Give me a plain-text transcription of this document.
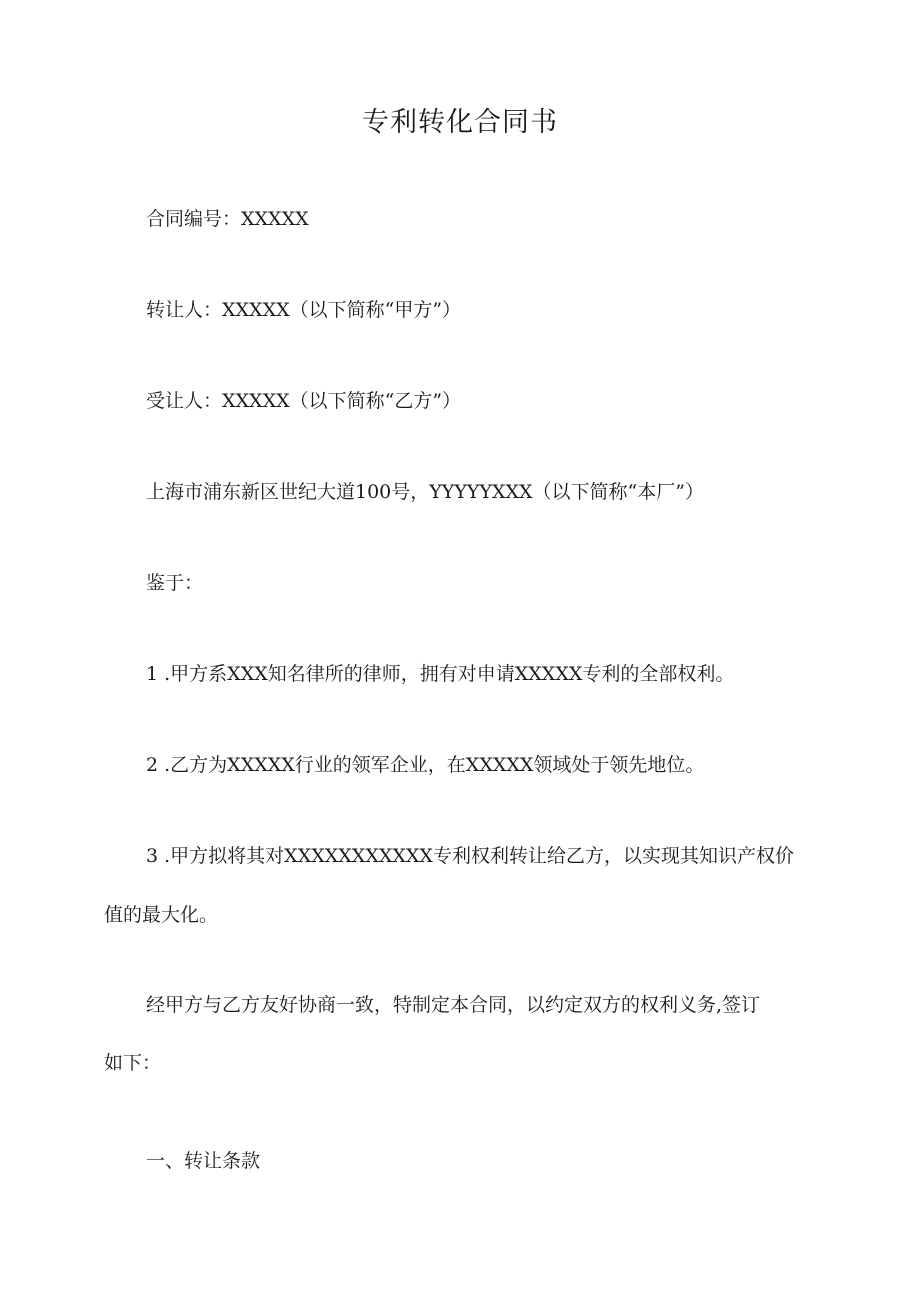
专利转化合同书
合同编号：XXXXX
转让人：XXXXX（以下简称“甲方”）
受让人：XXXXX（以下简称“乙方”）
上海市浦东新区世纪大道100号，YYYYYXXX（以下简称“本厂”）
鉴于：
1 .甲方系XXX知名律所的律师，拥有对申请XXXXX专利的全部权利。
2 .乙方为XXXXX行业的领军企业，在XXXXX领域处于领先地位。
3 .甲方拟将其对XXXXXXXXXXX专利权利转让给乙方，以实现其知识产权价
值的最大化。
经甲方与乙方友好协商一致，特制定本合同，以约定双方的权利义务,签订
如下：
一、转让条款
